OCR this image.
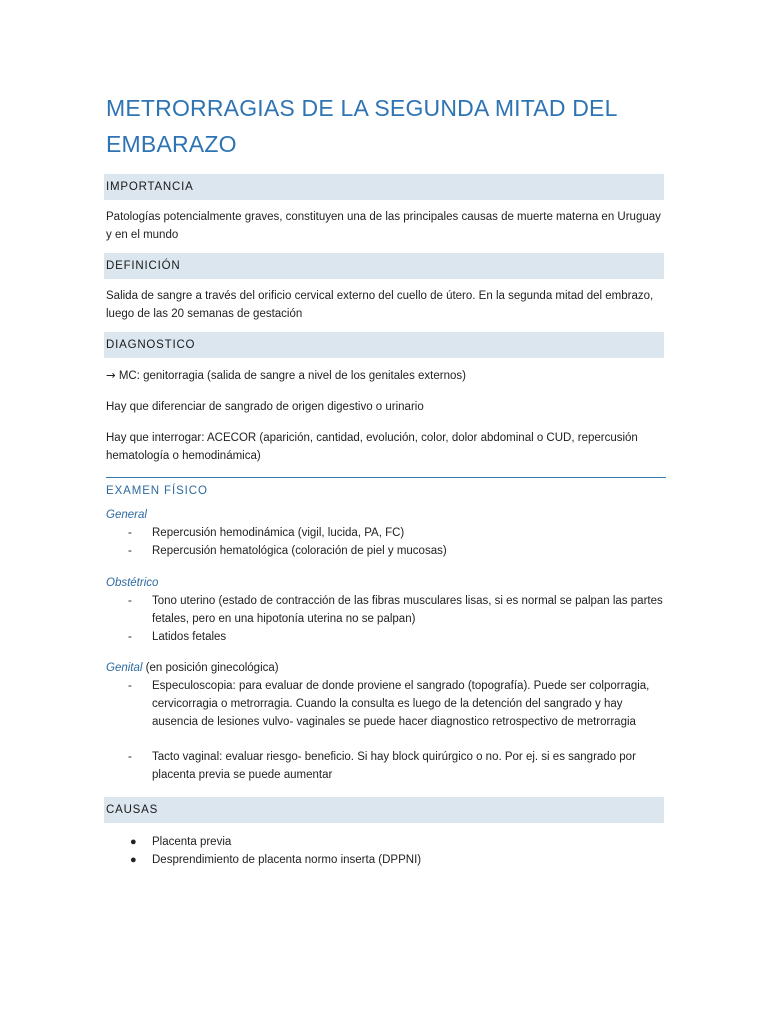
METRORRAGIAS DE LA SEGUNDA MITAD DEL
EMBARAZO
IMPORTANCIA

Patologías potencialmente graves, constituyen una de las principales causas de muerte materna en Uruguay y en el mundo

DEFINICIÓN

Salida de sangre a través del orificio cervical externo del cuello de útero. En la segunda mitad del embrazo, luego de las 20 semanas de gestación

DIAGNOSTICO

→ MC: genitorragia (salida de sangre a nivel de los genitales externos)

Hay que diferenciar de sangrado de origen digestivo o urinario

Hay que interrogar: ACECOR (aparición, cantidad, evolución, color, dolor abdominal o CUD, repercusión hematología o hemodinámica)

EXAMEN FÍSICO
General
- Repercusión hemodinámica (vigil, lucida, PA, FC)
- Repercusión hematológica (coloración de piel y mucosas)
Obstétrico
- Tono uterino (estado de contracción de las fibras musculares lisas, si es normal se palpan las partes fetales, pero en una hipotonía uterina no se palpan)
- Latidos fetales
Genital (en posición ginecológica)
- Especuloscopia: para evaluar de donde proviene el sangrado (topografía). Puede ser colporragia, cervicorragia o metrorragia. Cuando la consulta es luego de la detención del sangrado y hay ausencia de lesiones vulvo- vaginales se puede hacer diagnostico retrospectivo de metrorragia
- Tacto vaginal: evaluar riesgo- beneficio. Si hay block quirúrgico o no. Por ej. si es sangrado por placenta previa se puede aumentar
CAUSAS
● Placenta previa
● Desprendimiento de placenta normo inserta (DPPNI)
